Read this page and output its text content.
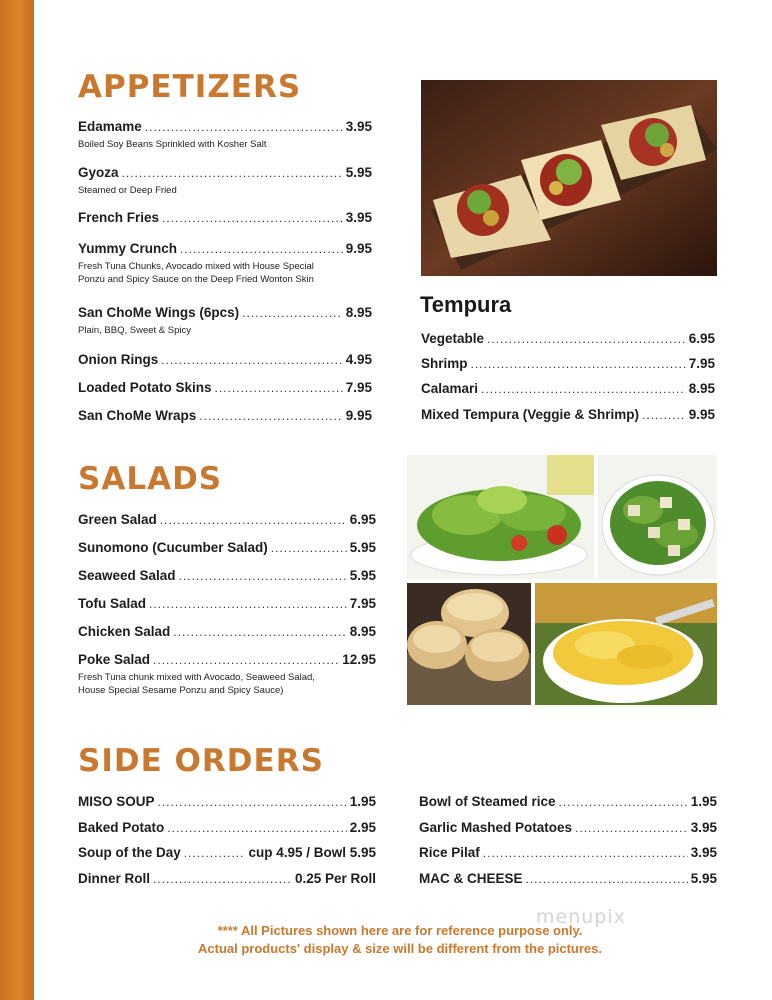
APPETIZERS
Edamame .....	3.95
Boiled Soy Beans Sprinkled with Kosher Salt
Gyoza .....	5.95
Steamed or Deep Fried
French Fries .....	3.95
Yummy Crunch .....	9.95
Fresh Tuna Chunks, Avocado mixed with House Special
Ponzu and Spicy Sauce on the Deep Fried Wonton Skin
San ChoMe Wings (6pcs) .....	8.95
Plain, BBQ, Sweet & Spicy
Onion Rings .....	4.95
Loaded Potato Skins .....	7.95
San ChoMe Wraps .....	9.95
Tempura
Vegetable .....	6.95
Shrimp .....	7.95
Calamari .....	8.95
Mixed Tempura (Veggie & Shrimp) .....	9.95
SALADS
Green Salad .....	6.95
Sunomono (Cucumber Salad) .....	5.95
Seaweed Salad .....	5.95
Tofu Salad .....	7.95
Chicken Salad .....	8.95
Poke Salad .....	12.95
Fresh Tuna chunk mixed with Avocado, Seaweed Salad,
House Special Sesame Ponzu and Spicy Sauce)
SIDE ORDERS
MISO SOUP .....	1.95
Baked Potato .....	2.95
Soup of the Day .....	cup 4.95 / Bowl 5.95
Dinner Roll .....	0.25 Per Roll
Bowl of Steamed rice .....	1.95
Garlic Mashed Potatoes .....	3.95
Rice Pilaf .....	3.95
MAC & CHEESE .....	5.95
**** All Pictures shown here are for reference purpose only.
Actual products' display & size will be different from the pictures.
menupix
